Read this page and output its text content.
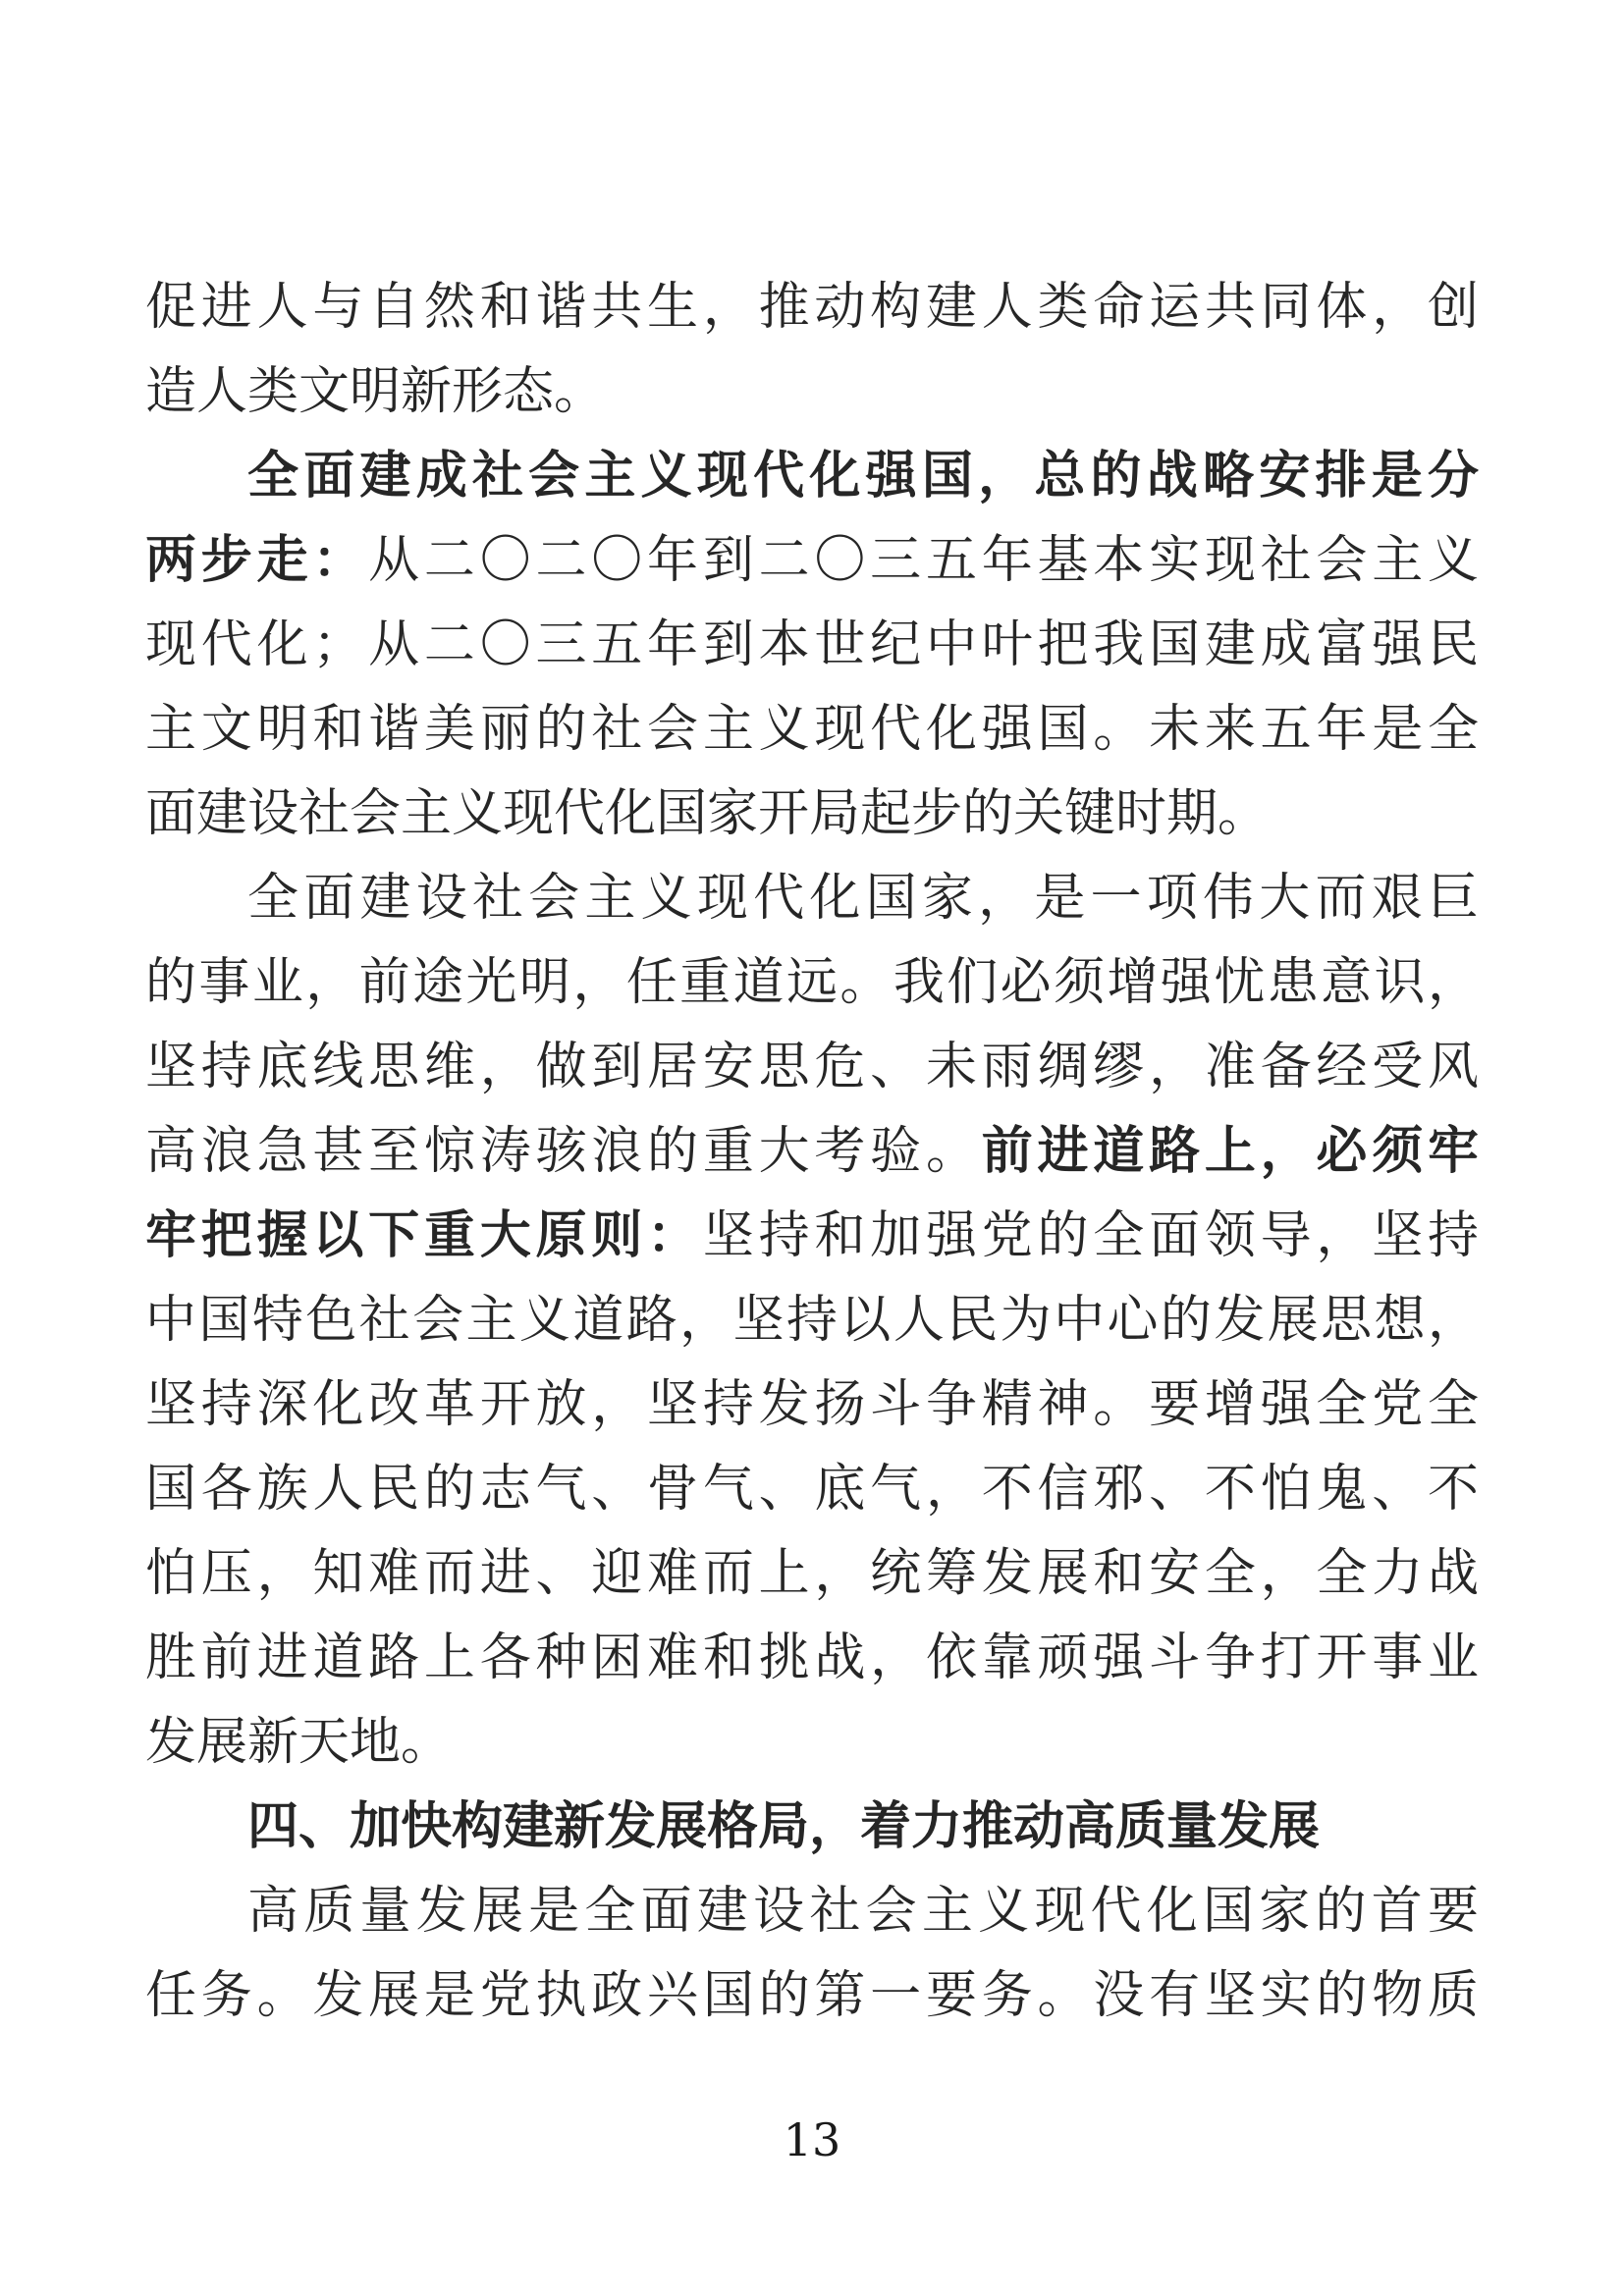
促进人与自然和谐共生，推动构建人类命运共同体，创
造人类文明新形态。
全面建成社会主义现代化强国，总的战略安排是分
两步走：从二〇二〇年到二〇三五年基本实现社会主义
现代化；从二〇三五年到本世纪中叶把我国建成富强民
主文明和谐美丽的社会主义现代化强国。未来五年是全
面建设社会主义现代化国家开局起步的关键时期。
全面建设社会主义现代化国家，是一项伟大而艰巨
的事业，前途光明，任重道远。我们必须增强忧患意识，
坚持底线思维，做到居安思危、未雨绸缪，准备经受风
高浪急甚至惊涛骇浪的重大考验。前进道路上，必须牢
牢把握以下重大原则：坚持和加强党的全面领导，坚持
中国特色社会主义道路，坚持以人民为中心的发展思想，
坚持深化改革开放，坚持发扬斗争精神。要增强全党全
国各族人民的志气、骨气、底气，不信邪、不怕鬼、不
怕压，知难而进、迎难而上，统筹发展和安全，全力战
胜前进道路上各种困难和挑战，依靠顽强斗争打开事业
发展新天地。
四、加快构建新发展格局，着力推动高质量发展
高质量发展是全面建设社会主义现代化国家的首要
任务。发展是党执政兴国的第一要务。没有坚实的物质
13
